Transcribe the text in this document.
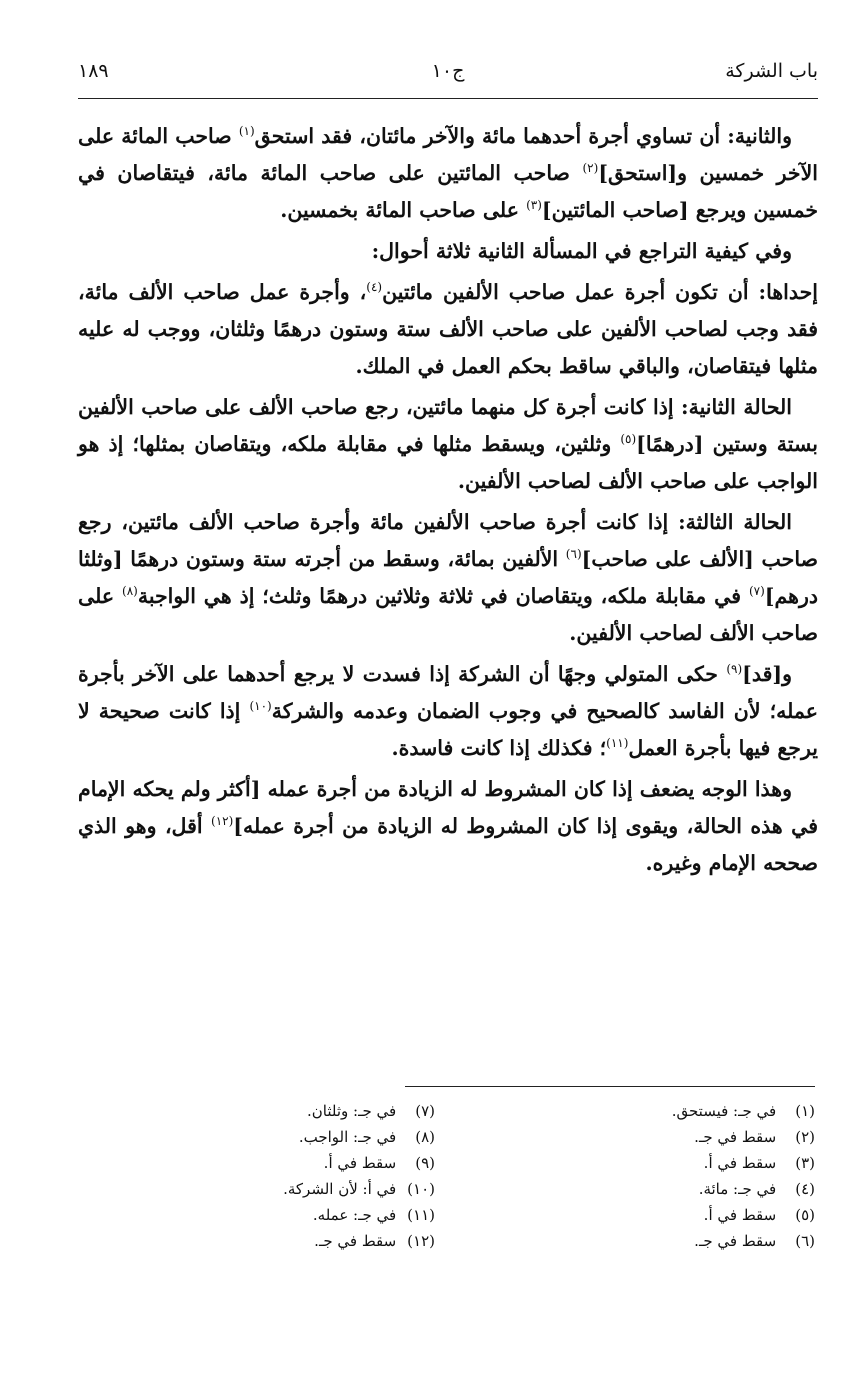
باب الشركة
ج١٠
١٨٩

والثانية: أن تساوي أجرة أحدهما مائة والآخر مائتان، فقد استحق$^{(١)}$ صاحب المائة على الآخر خمسين و[استحق]$^{(٢)}$ صاحب المائتين على صاحب المائة مائة، فيتقاصان في خمسين ويرجع [صاحب المائتين]$^{(٣)}$ على صاحب المائة بخمسين.

وفي كيفية التراجع في المسألة الثانية ثلاثة أحوال:

إحداها: أن تكون أجرة عمل صاحب الألفين مائتين$^{(٤)}$، وأجرة عمل صاحب الألف مائة، فقد وجب لصاحب الألفين على صاحب الألف ستة وستون درهمًا وثلثان، ووجب له عليه مثلها فيتقاصان، والباقي ساقط بحكم العمل في الملك.

الحالة الثانية: إذا كانت أجرة كل منهما مائتين، رجع صاحب الألف على صاحب الألفين بستة وستين [درهمًا]$^{(٥)}$ وثلثين، ويسقط مثلها في مقابلة ملكه، ويتقاصان بمثلها؛ إذ هو الواجب على صاحب الألف لصاحب الألفين.

الحالة الثالثة: إذا كانت أجرة صاحب الألفين مائة وأجرة صاحب الألف مائتين، رجع صاحب [الألف على صاحب]$^{(٦)}$ الألفين بمائة، وسقط من أجرته ستة وستون درهمًا [وثلثا درهم]$^{(٧)}$ في مقابلة ملكه، ويتقاصان في ثلاثة وثلاثين درهمًا وثلث؛ إذ هي الواجبة$^{(٨)}$ على صاحب الألف لصاحب الألفين.

و[قد]$^{(٩)}$ حكى المتولي وجهًا أن الشركة إذا فسدت لا يرجع أحدهما على الآخر بأجرة عمله؛ لأن الفاسد كالصحيح في وجوب الضمان وعدمه والشركة$^{(١٠)}$ إذا كانت صحيحة لا يرجع فيها بأجرة العمل$^{(١١)}$؛ فكذلك إذا كانت فاسدة.

وهذا الوجه يضعف إذا كان المشروط له الزيادة من أجرة عمله [أكثر ولم يحكه الإمام في هذه الحالة، ويقوى إذا كان المشروط له الزيادة من أجرة عمله]$^{(١٢)}$ أقل، وهو الذي صححه الإمام وغيره.

(١) في جـ: فيستحق.
(٢) سقط في جـ.
(٣) سقط في أ.
(٤) في جـ: مائة.
(٥) سقط في أ.
(٦) سقط في جـ.
(٧) في جـ: وثلثان.
(٨) في جـ: الواجب.
(٩) سقط في أ.
(١٠) في أ: لأن الشركة.
(١١) في جـ: عمله.
(١٢) سقط في جـ.
